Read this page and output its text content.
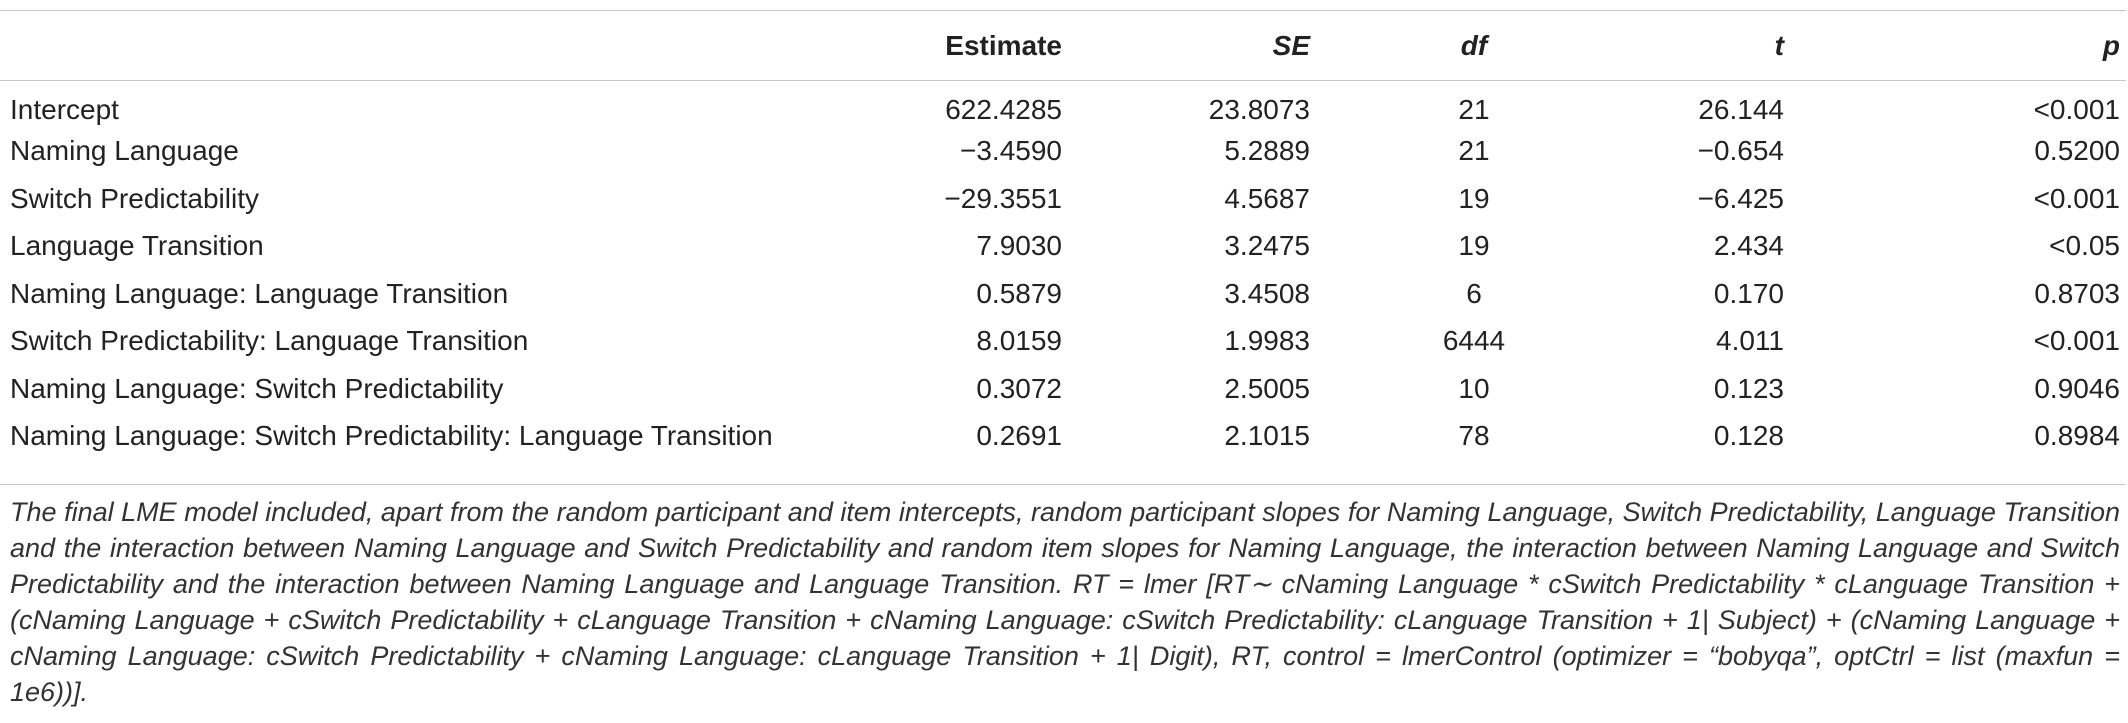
	Estimate	SE	df	t	p
Intercept	622.4285	23.8073	21	26.144	<0.001
Naming Language	−3.4590	5.2889	21	−0.654	0.5200
Switch Predictability	−29.3551	4.5687	19	−6.425	<0.001
Language Transition	7.9030	3.2475	19	2.434	<0.05
Naming Language: Language Transition	0.5879	3.4508	6	0.170	0.8703
Switch Predictability: Language Transition	8.0159	1.9983	6444	4.011	<0.001
Naming Language: Switch Predictability	0.3072	2.5005	10	0.123	0.9046
Naming Language: Switch Predictability: Language Transition	0.2691	2.1015	78	0.128	0.8984
The final LME model included, apart from the random participant and item intercepts, random participant slopes for Naming Language, Switch Predictability, Language Transition and the interaction between Naming Language and Switch Predictability and random item slopes for Naming Language, the interaction between Naming Language and Switch Predictability and the interaction between Naming Language and Language Transition. RT = lmer [RT∼ cNaming Language * cSwitch Predictability * cLanguage Transition + (cNaming Language + cSwitch Predictability + cLanguage Transition + cNaming Language: cSwitch Predictability: cLanguage Transition + 1| Subject) + (cNaming Language + cNaming Language: cSwitch Predictability + cNaming Language: cLanguage Transition + 1| Digit), RT, control = lmerControl (optimizer = “bobyqa”, optCtrl = list (maxfun = 1e6))].
